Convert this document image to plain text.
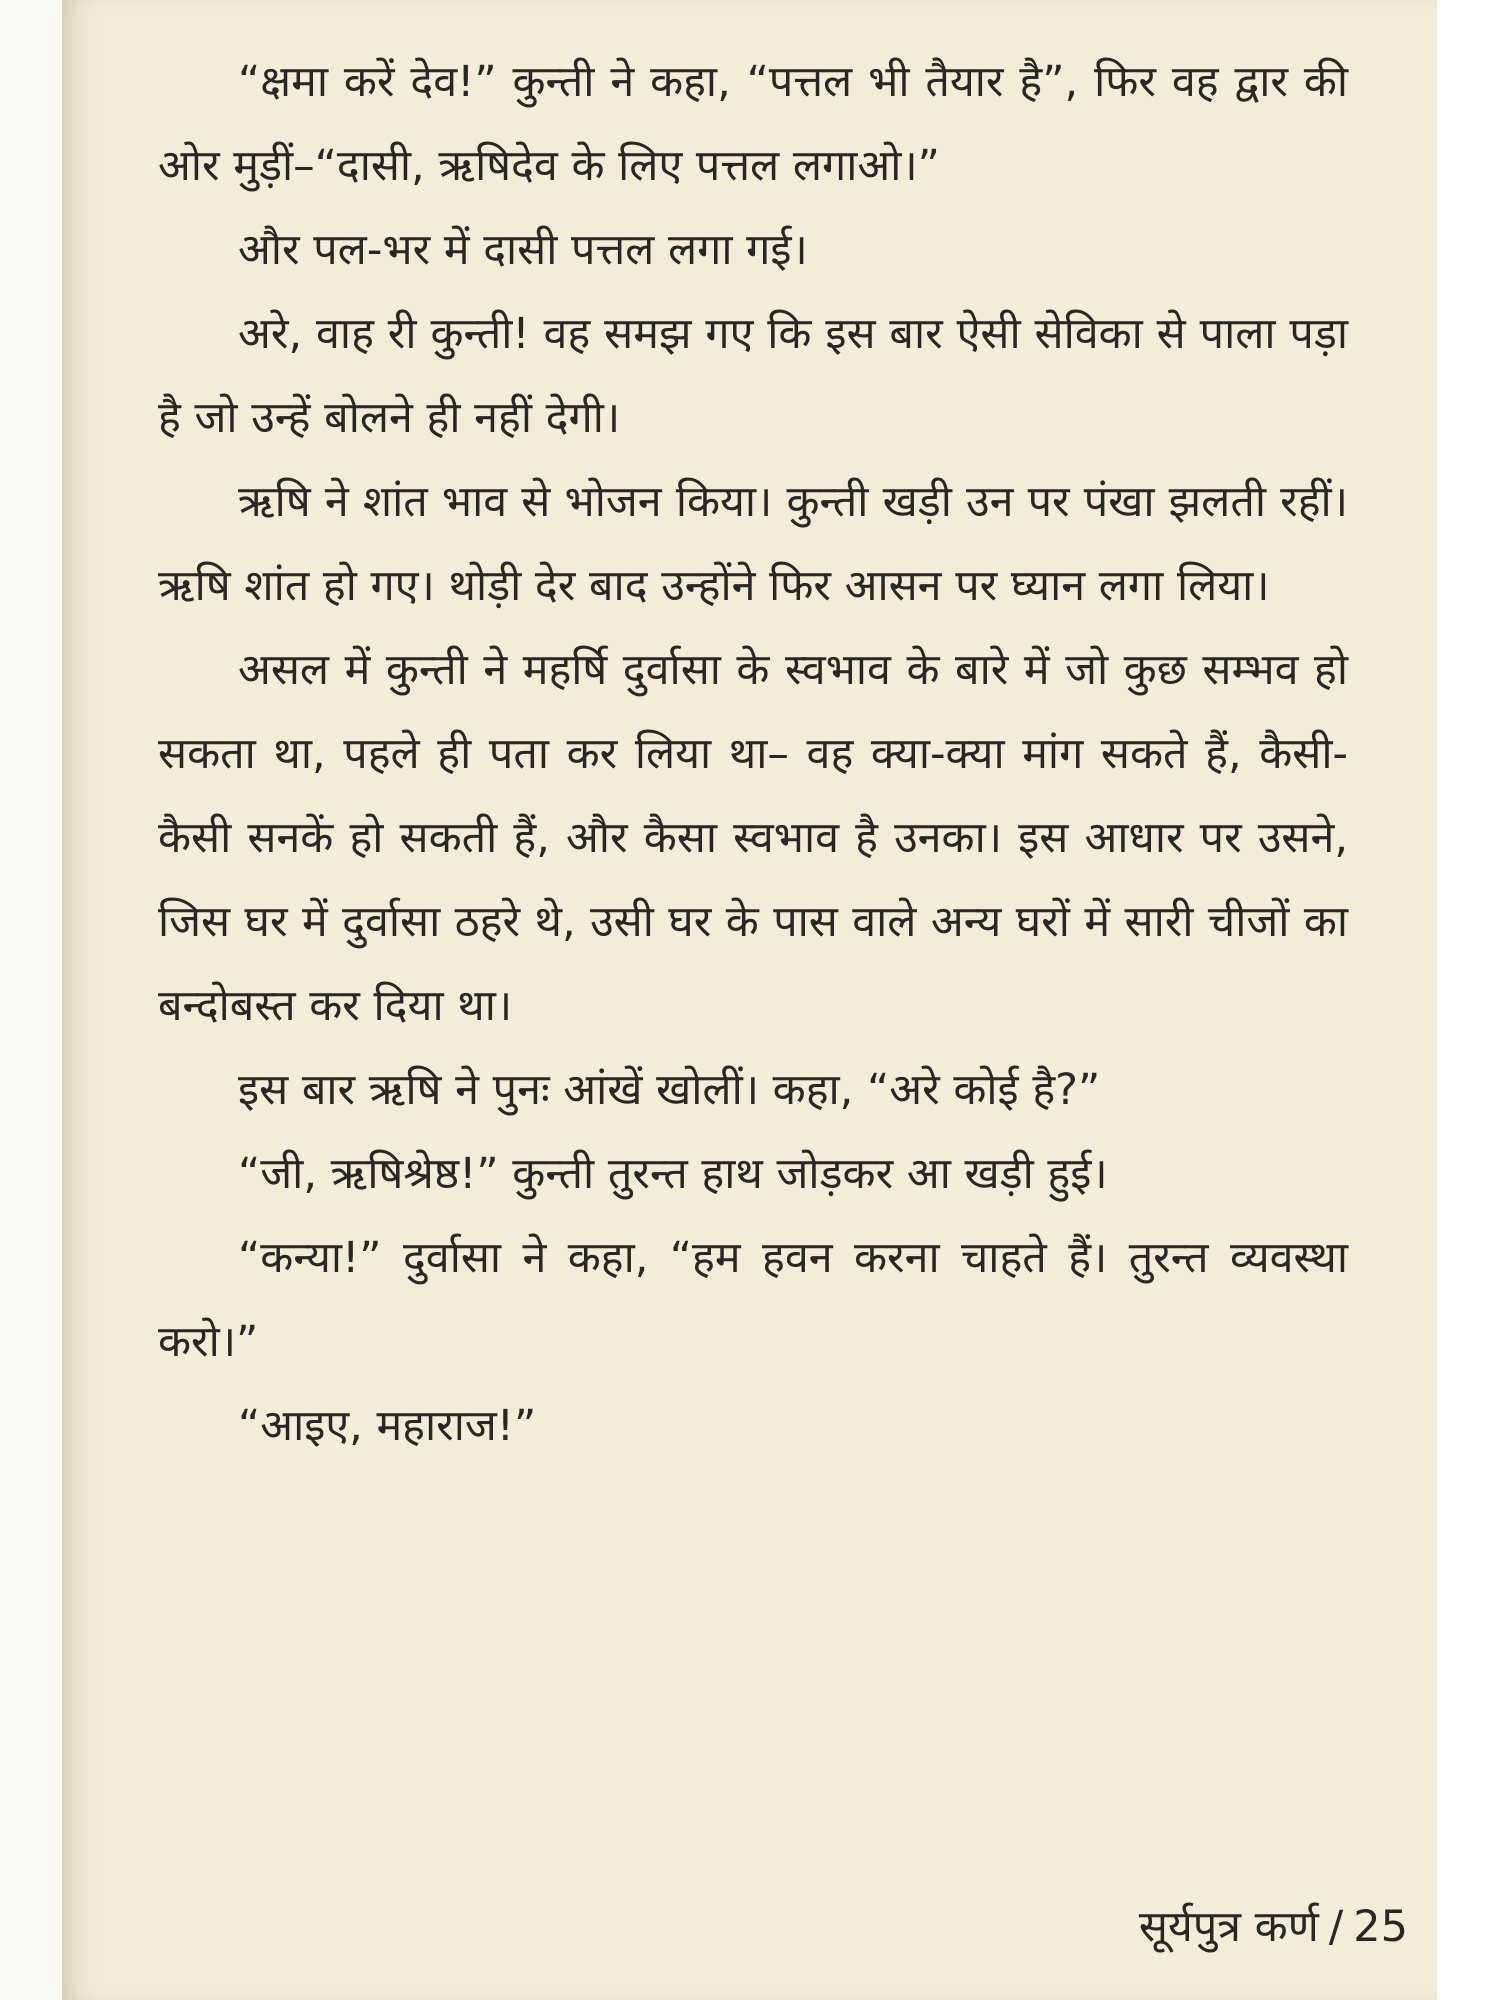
“क्षमा करें देव!” कुन्ती ने कहा, “पत्तल भी तैयार है”, फिर वह द्वार की ओर मुड़ीं–“दासी, ऋषिदेव के लिए पत्तल लगाओ।”

और पल-भर में दासी पत्तल लगा गई।

अरे, वाह री कुन्ती! वह समझ गए कि इस बार ऐसी सेविका से पाला पड़ा है जो उन्हें बोलने ही नहीं देगी।

ऋषि ने शांत भाव से भोजन किया। कुन्ती खड़ी उन पर पंखा झलती रहीं। ऋषि शांत हो गए। थोड़ी देर बाद उन्होंने फिर आसन पर घ्यान लगा लिया।

असल में कुन्ती ने महर्षि दुर्वासा के स्वभाव के बारे में जो कुछ सम्भव हो सकता था, पहले ही पता कर लिया था– वह क्या-क्या मांग सकते हैं, कैसी-कैसी सनकें हो सकती हैं, और कैसा स्वभाव है उनका। इस आधार पर उसने, जिस घर में दुर्वासा ठहरे थे, उसी घर के पास वाले अन्य घरों में सारी चीजों का बन्दोबस्त कर दिया था।

इस बार ऋषि ने पुनः आंखें खोलीं। कहा, “अरे कोई है?”

“जी, ऋषिश्रेष्ठ!” कुन्ती तुरन्त हाथ जोड़कर आ खड़ी हुई।

“कन्या!” दुर्वासा ने कहा, “हम हवन करना चाहते हैं। तुरन्त व्यवस्था करो।”

“आइए, महाराज!”

सूर्यपुत्र कर्ण / 25
